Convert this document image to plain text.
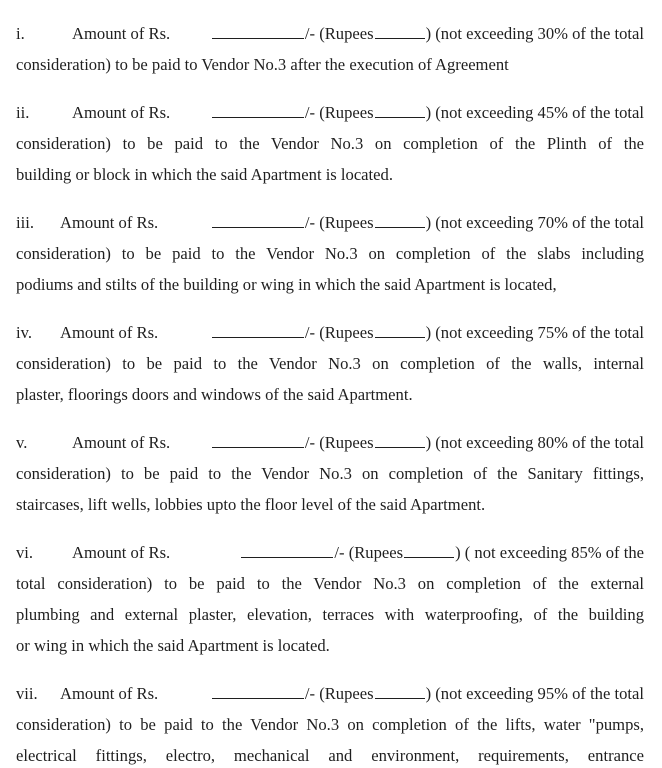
i.	Amount of Rs.	/- (Rupees	) (not exceeding 30% of the total
consideration) to be paid to Vendor No.3 after the execution of Agreement
ii.	Amount of Rs.	/- (Rupees	) (not exceeding 45% of the total
consideration) to be paid to the Vendor No.3 on completion of the Plinth of the
building or block in which the said Apartment is located.
iii.	Amount of Rs.	/- (Rupees	) (not exceeding 70% of the total
consideration) to be paid to the Vendor No.3 on completion of the slabs including
podiums and stilts of the building or wing in which the said Apartment is located,
iv.	Amount of Rs.	/- (Rupees	) (not exceeding 75% of the total
consideration) to be paid to the Vendor No.3 on completion of the walls, internal
plaster, floorings doors and windows of the said Apartment.
v.	Amount of Rs.	/- (Rupees	) (not exceeding 80% of the total
consideration) to be paid to the Vendor No.3 on completion of the Sanitary fittings,
staircases, lift wells, lobbies upto the floor level of the said Apartment.
vi.	Amount of Rs.	/- (Rupees	) ( not exceeding 85% of the
total consideration) to be paid to the Vendor No.3 on completion of the external
plumbing and external plaster, elevation, terraces with waterproofing, of the building
or wing in which the said Apartment is located.
vii.	Amount of Rs.	/- (Rupees	) (not exceeding 95% of the total
consideration) to be paid to the Vendor No.3 on completion of the lifts, water "pumps,
electrical fittings, electro, mechanical and environment, requirements, entrance
